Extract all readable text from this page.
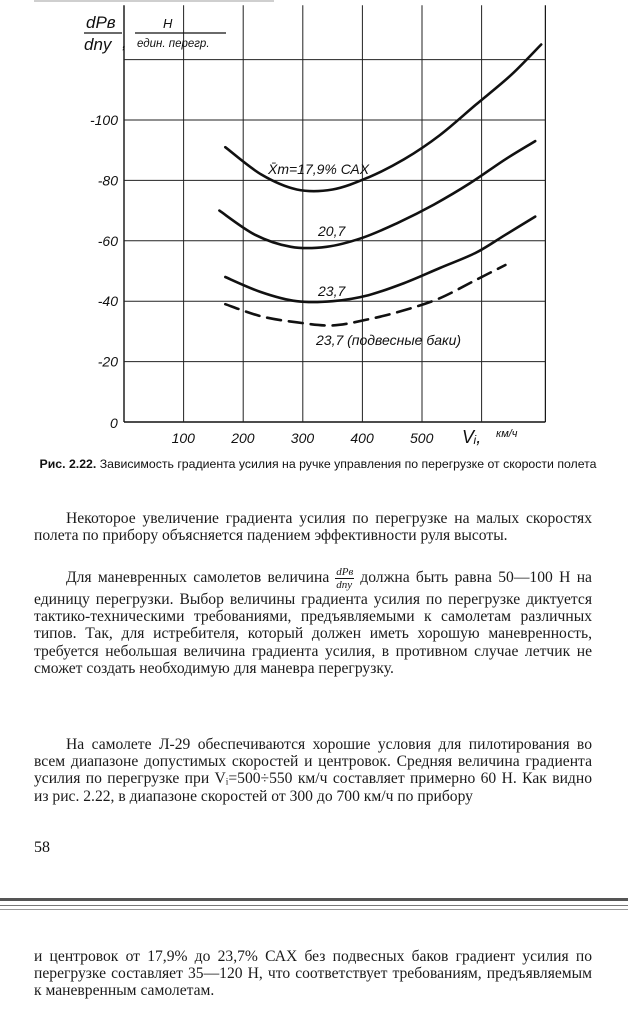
100	200	300	400	500
-20
-40
-60
-80
-100
dPв
dnу ,
Н
един. перегр.
Vᵢ, км/ч
0
X̄т=17,9% САХ
20,7
23,7
23,7 (подвесные баки)
Рис. 2.22. Зависимость градиента усилия на ручке управления по перегрузке от скорости полета

Некоторое увеличение градиента усилия по перегрузке на малых скоростях полета по прибору объясняется падением эффективности руля высоты.

Для маневренных самолетов величина $\frac{\text{dPв}}{\text{dnу}}$ должна быть равна 50—100 Н на единицу перегрузки. Выбор величины градиента усилия по перегрузке диктуется тактико-техническими требованиями, предъявляемыми к самолетам различных типов. Так, для истребителя, который должен иметь хорошую маневренность, требуется небольшая величина градиента усилия, в противном случае летчик не сможет создать необходимую для маневра перегрузку.

На самолете Л-29 обеспечиваются хорошие условия для пилотирования во всем диапазоне допустимых скоростей и центровок. Средняя величина градиента усилия по перегрузке при Vᵢ=500÷550 км/ч составляет примерно 60 Н. Как видно из рис. 2.22, в диапазоне скоростей от 300 до 700 км/ч по прибору

58

и центровок от 17,9% до 23,7% САХ без подвесных баков градиент усилия по перегрузке составляет 35—120 Н, что соответствует требованиям, предъявляемым к маневренным самолетам.
